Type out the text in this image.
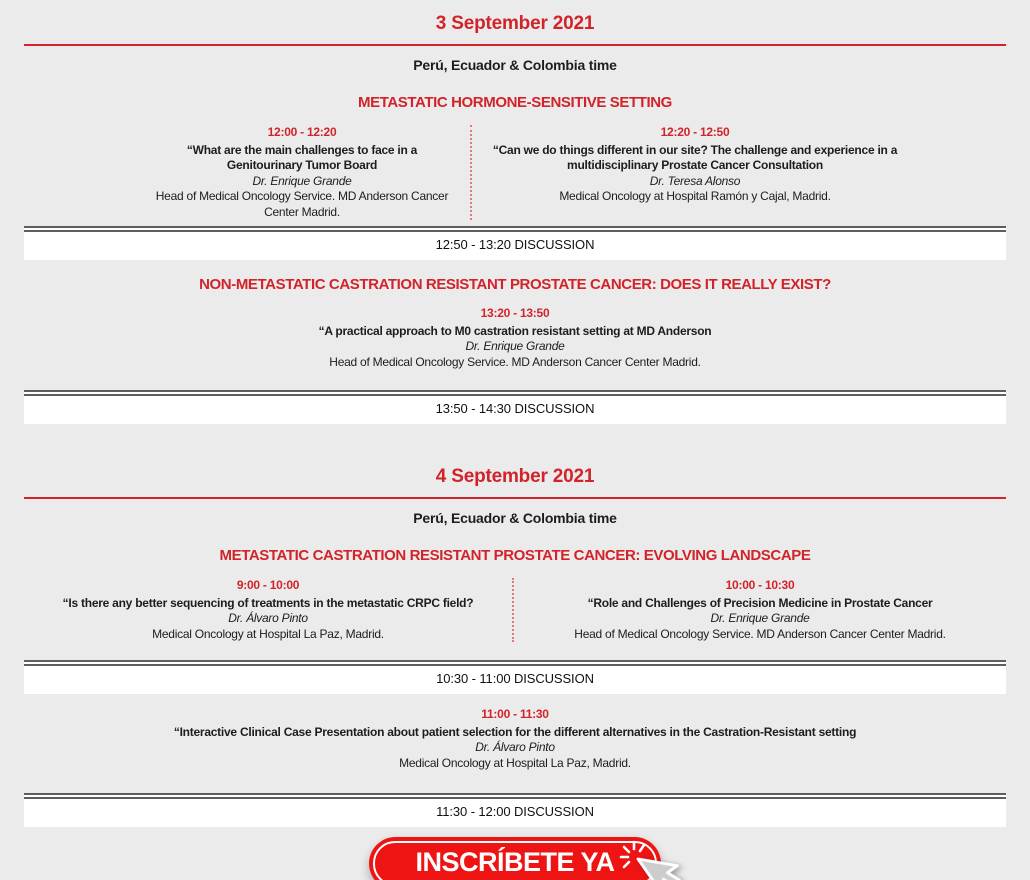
3 September 2021
Perú, Ecuador & Colombia time
METASTATIC HORMONE-SENSITIVE SETTING
12:00 - 12:20
“What are the main challenges to face in a Genitourinary Tumor Board
Dr. Enrique Grande
Head of Medical Oncology Service. MD Anderson Cancer Center Madrid.
12:20 - 12:50
“Can we do things different in our site? The challenge and experience in a multidisciplinary Prostate Cancer Consultation
Dr. Teresa Alonso
Medical Oncology at Hospital Ramón y Cajal, Madrid.
12:50 - 13:20 DISCUSSION
NON-METASTATIC CASTRATION RESISTANT PROSTATE CANCER: DOES IT REALLY EXIST?
13:20 - 13:50
“A practical approach to M0 castration resistant setting at MD Anderson
Dr. Enrique Grande
Head of Medical Oncology Service. MD Anderson Cancer Center Madrid.
13:50 - 14:30 DISCUSSION
4 September 2021
Perú, Ecuador & Colombia time
METASTATIC CASTRATION RESISTANT PROSTATE CANCER: EVOLVING LANDSCAPE
9:00 - 10:00
“Is there any better sequencing of treatments in the metastatic CRPC field?
Dr. Álvaro Pinto
Medical Oncology at Hospital La Paz, Madrid.
10:00 - 10:30
“Role and Challenges of Precision Medicine in Prostate Cancer
Dr. Enrique Grande
Head of Medical Oncology Service. MD Anderson Cancer Center Madrid.
10:30 - 11:00 DISCUSSION
11:00 - 11:30
“Interactive Clinical Case Presentation about patient selection for the different alternatives in the Castration-Resistant setting
Dr. Álvaro Pinto
Medical Oncology at Hospital La Paz, Madrid.
11:30 - 12:00 DISCUSSION
INSCRÍBETE YA
